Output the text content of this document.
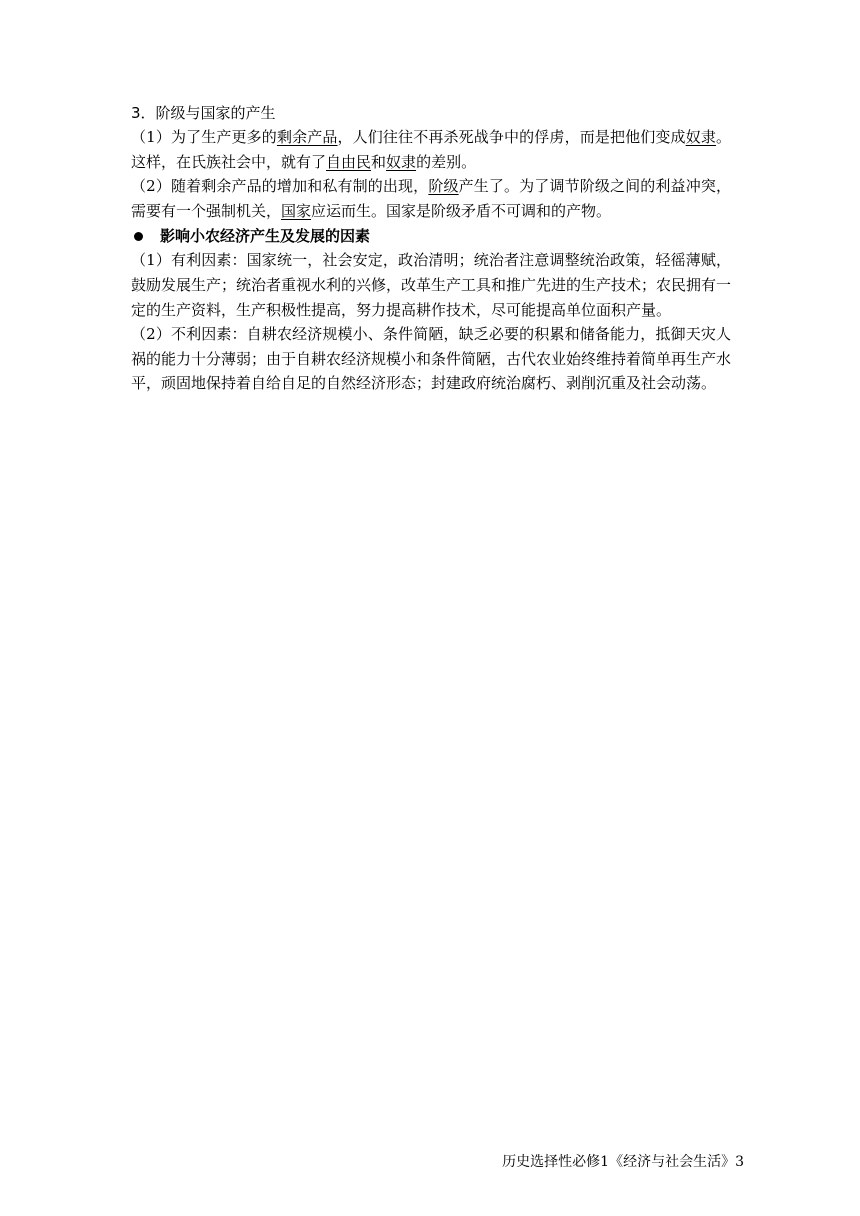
3．阶级与国家的产生

（1）为了生产更多的剩余产品，人们往往不再杀死战争中的俘虏，而是把他们变成奴隶。这样，在氏族社会中，就有了自由民和奴隶的差别。

（2）随着剩余产品的增加和私有制的出现，阶级产生了。为了调节阶级之间的利益冲突，需要有一个强制机关，国家应运而生。国家是阶级矛盾不可调和的产物。

影响小农经济产生及发展的因素

（1）有利因素：国家统一，社会安定，政治清明；统治者注意调整统治政策，轻徭薄赋，鼓励发展生产；统治者重视水利的兴修，改革生产工具和推广先进的生产技术；农民拥有一定的生产资料，生产积极性提高，努力提高耕作技术，尽可能提高单位面积产量。

（2）不利因素：自耕农经济规模小、条件简陋，缺乏必要的积累和储备能力，抵御天灾人祸的能力十分薄弱；由于自耕农经济规模小和条件简陋，古代农业始终维持着简单再生产水平，顽固地保持着自给自足的自然经济形态；封建政府统治腐朽、剥削沉重及社会动荡。

历史选择性必修1《经济与社会生活》3
